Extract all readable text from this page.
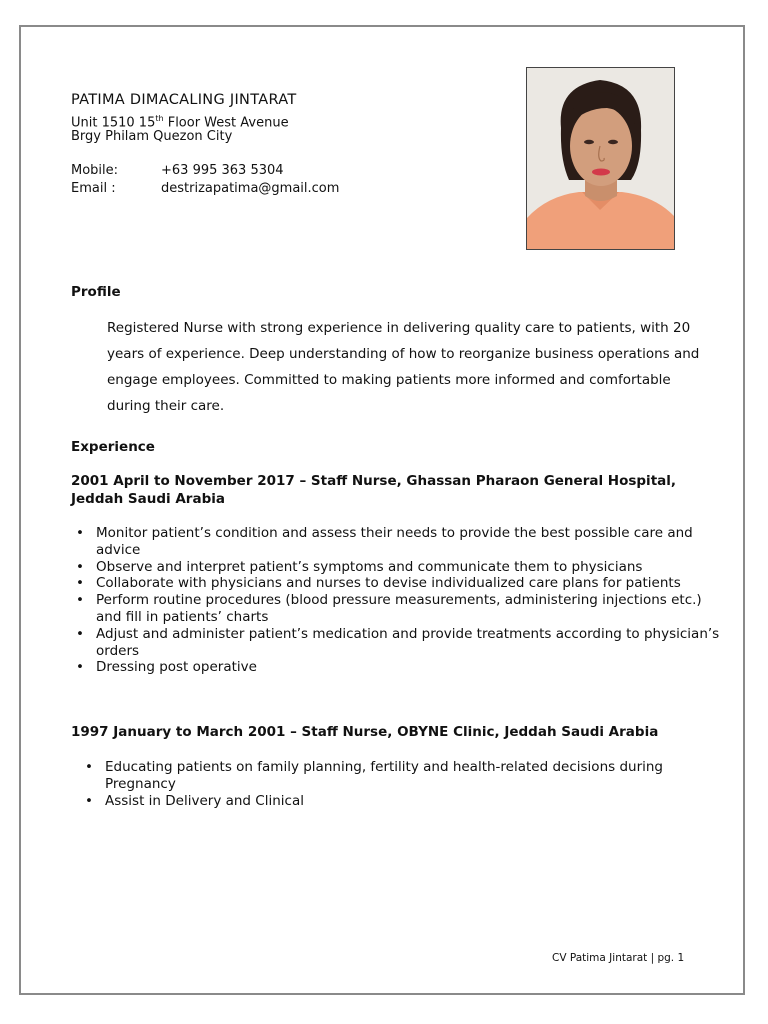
PATIMA DIMACALING JINTARAT
Unit 1510 15th Floor West Avenue
Brgy Philam Quezon City
Mobile:	+63 995 363 5304
Email :	destrizapatima@gmail.com
Profile
Registered Nurse with strong experience in delivering quality care to patients, with 20 years of experience. Deep understanding of how to reorganize business operations and engage employees. Committed to making patients more informed and comfortable during their care.
Experience
2001 April to November 2017 – Staff Nurse, Ghassan Pharaon General Hospital, Jeddah Saudi Arabia
• Monitor patient’s condition and assess their needs to provide the best possible care and advice
• Observe and interpret patient’s symptoms and communicate them to physicians
• Collaborate with physicians and nurses to devise individualized care plans for patients
• Perform routine procedures (blood pressure measurements, administering injections etc.) and fill in patients’ charts
• Adjust and administer patient’s medication and provide treatments according to physician’s orders
• Dressing post operative
1997 January to March 2001 – Staff Nurse, OBYNE Clinic, Jeddah Saudi Arabia
• Educating patients on family planning, fertility and health-related decisions during Pregnancy
• Assist in Delivery and Clinical
CV Patima Jintarat | pg. 1
